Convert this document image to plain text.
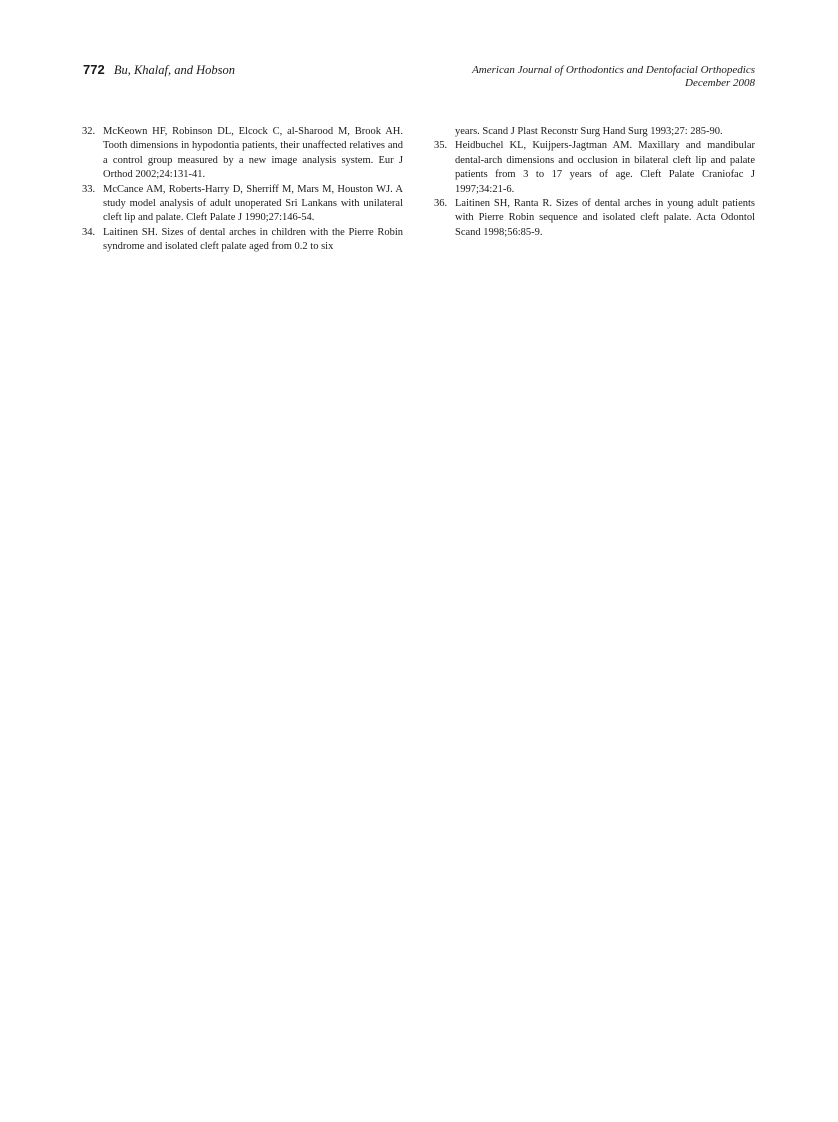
772 Bu, Khalaf, and Hobson	American Journal of Orthodontics and Dentofacial Orthopedics
December 2008
32. McKeown HF, Robinson DL, Elcock C, al-Sharood M, Brook AH. Tooth dimensions in hypodontia patients, their unaffected relatives and a control group measured by a new image analysis system. Eur J Orthod 2002;24:131-41.
33. McCance AM, Roberts-Harry D, Sherriff M, Mars M, Houston WJ. A study model analysis of adult unoperated Sri Lankans with unilateral cleft lip and palate. Cleft Palate J 1990;27:146-54.
34. Laitinen SH. Sizes of dental arches in children with the Pierre Robin syndrome and isolated cleft palate aged from 0.2 to six
years. Scand J Plast Reconstr Surg Hand Surg 1993;27: 285-90.
35. Heidbuchel KL, Kuijpers-Jagtman AM. Maxillary and mandibular dental-arch dimensions and occlusion in bilateral cleft lip and palate patients from 3 to 17 years of age. Cleft Palate Craniofac J 1997;34:21-6.
36. Laitinen SH, Ranta R. Sizes of dental arches in young adult patients with Pierre Robin sequence and isolated cleft palate. Acta Odontol Scand 1998;56:85-9.
